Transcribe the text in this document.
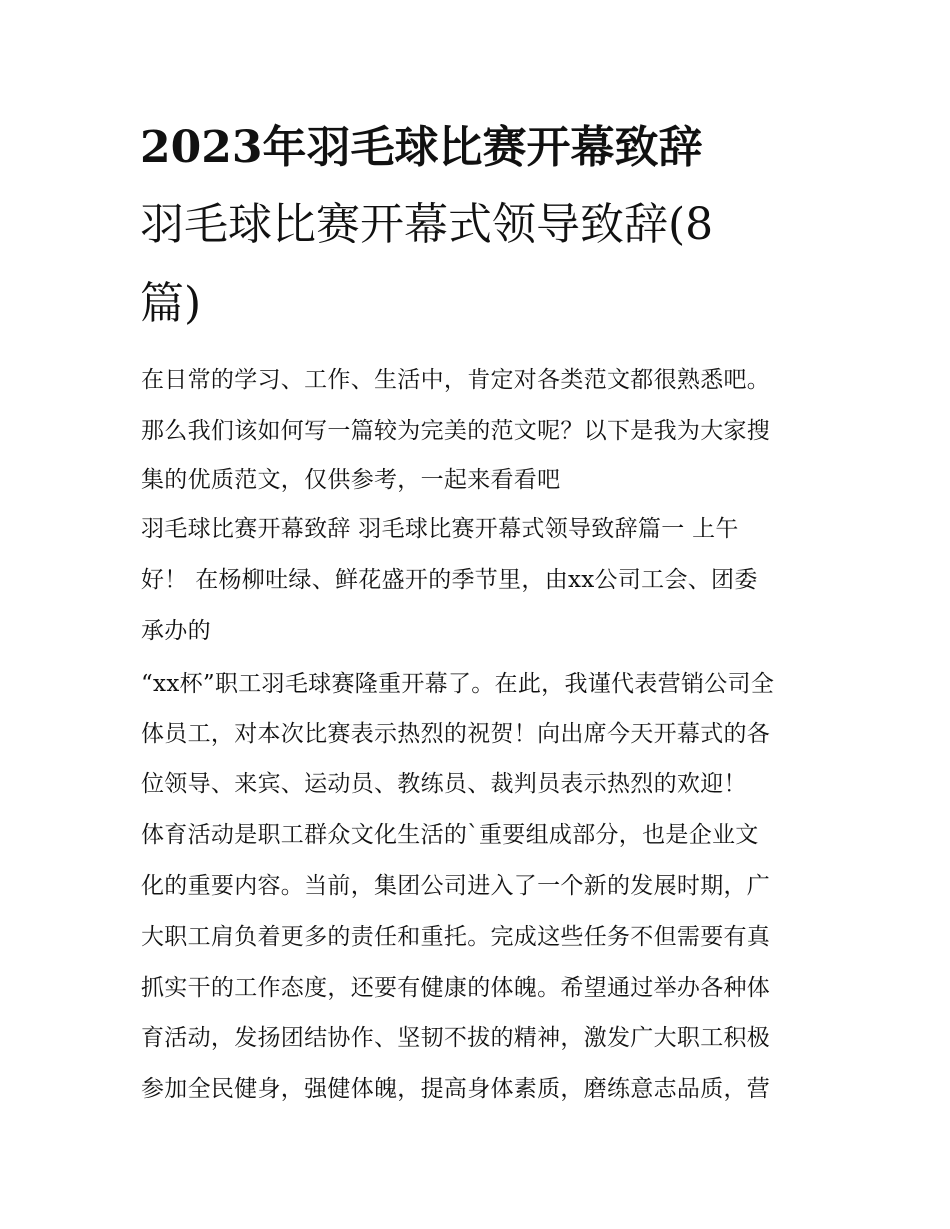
2023年羽毛球比赛开幕致辞
羽毛球比赛开幕式领导致辞(8
篇)

在日常的学习、工作、生活中，肯定对各类范文都很熟悉吧。

那么我们该如何写一篇较为完美的范文呢？以下是我为大家搜

集的优质范文，仅供参考，一起来看看吧

羽毛球比赛开幕致辞 羽毛球比赛开幕式领导致辞篇一 上午

好！ 在杨柳吐绿、鲜花盛开的季节里，由xx公司工会、团委

承办的

“xx杯”职工羽毛球赛隆重开幕了。在此，我谨代表营销公司全

体员工，对本次比赛表示热烈的祝贺！向出席今天开幕式的各

位领导、来宾、运动员、教练员、裁判员表示热烈的欢迎！

体育活动是职工群众文化生活的`重要组成部分，也是企业文

化的重要内容。当前，集团公司进入了一个新的发展时期，广

大职工肩负着更多的责任和重托。完成这些任务不但需要有真

抓实干的工作态度，还要有健康的体魄。希望通过举办各种体

育活动，发扬团结协作、坚韧不拔的精神，激发广大职工积极

参加全民健身，强健体魄，提高身体素质，磨练意志品质，营
